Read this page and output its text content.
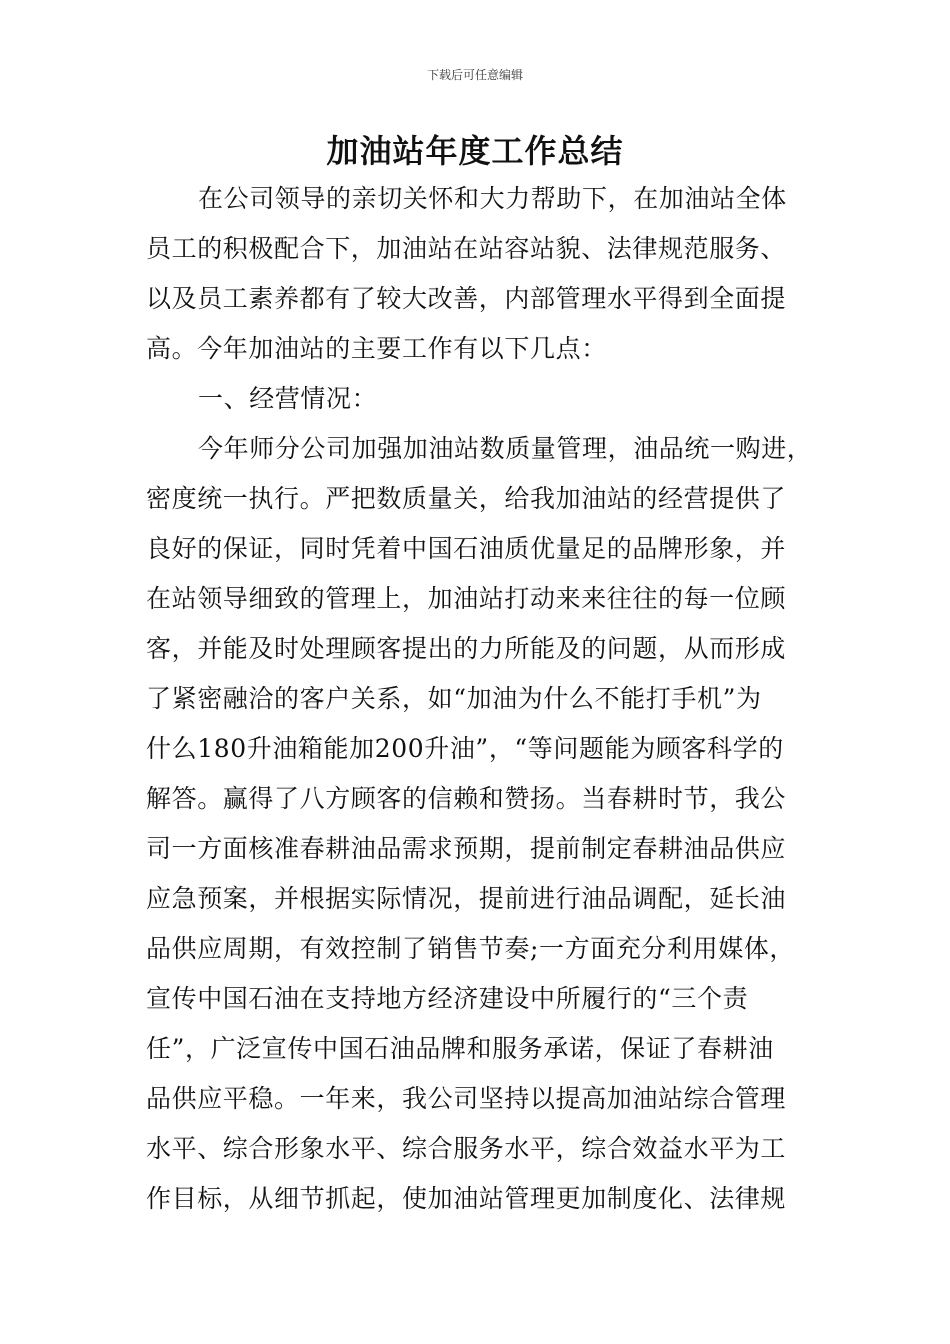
下载后可任意编辑
加油站年度工作总结
在公司领导的亲切关怀和大力帮助下，在加油站全体
员工的积极配合下，加油站在站容站貌、法律规范服务、
以及员工素养都有了较大改善，内部管理水平得到全面提
高。今年加油站的主要工作有以下几点：
一、经营情况：
今年师分公司加强加油站数质量管理，油品统一购进，
密度统一执行。严把数质量关，给我加油站的经营提供了
良好的保证，同时凭着中国石油质优量足的品牌形象，并
在站领导细致的管理上，加油站打动来来往往的每一位顾
客，并能及时处理顾客提出的力所能及的问题，从而形成
了紧密融洽的客户关系，如“加油为什么不能打手机”为
什么180升油箱能加200升油”，“等问题能为顾客科学的
解答。赢得了八方顾客的信赖和赞扬。当春耕时节，我公
司一方面核准春耕油品需求预期，提前制定春耕油品供应
应急预案，并根据实际情况，提前进行油品调配，延长油
品供应周期，有效控制了销售节奏;一方面充分利用媒体，
宣传中国石油在支持地方经济建设中所履行的“三个责
任”，广泛宣传中国石油品牌和服务承诺，保证了春耕油
品供应平稳。一年来，我公司坚持以提高加油站综合管理
水平、综合形象水平、综合服务水平，综合效益水平为工
作目标，从细节抓起，使加油站管理更加制度化、法律规
